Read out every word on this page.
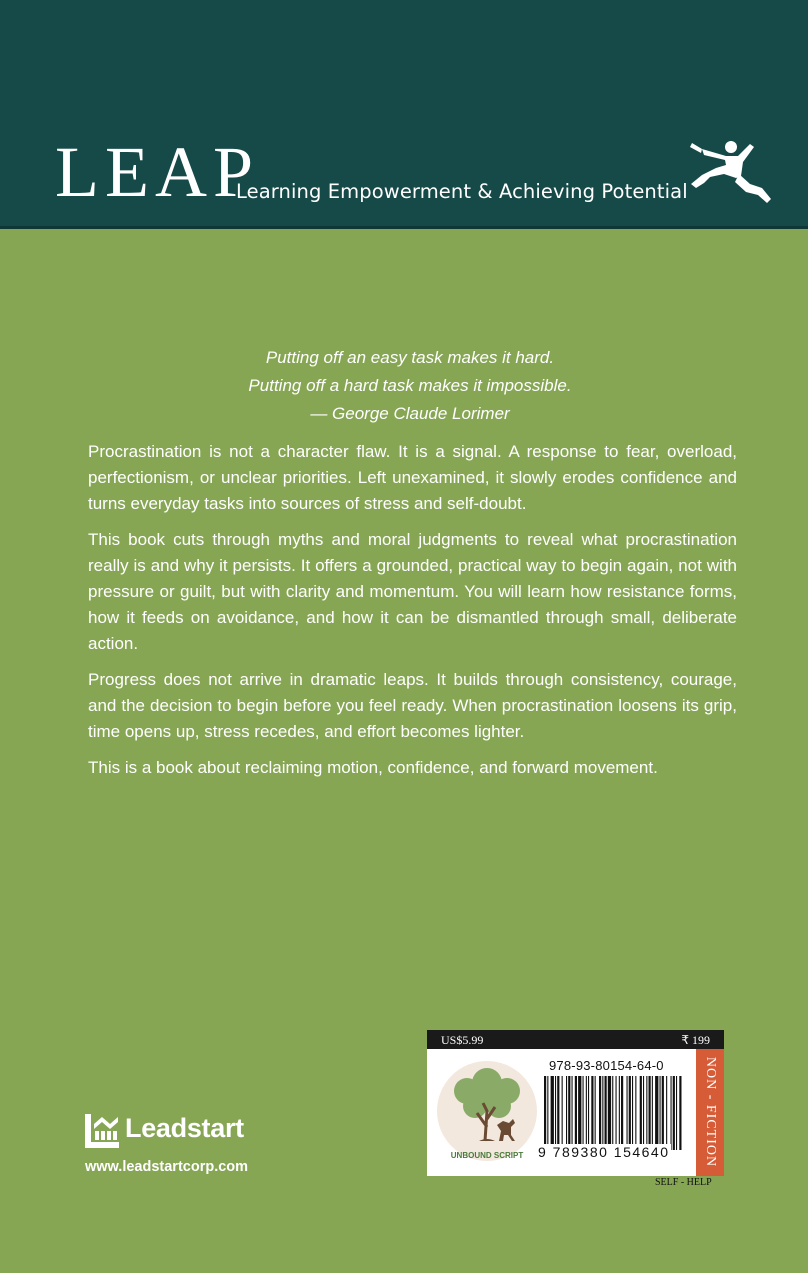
LEAP
Learning Empowerment & Achieving Potential
Putting off an easy task makes it hard.
Putting off a hard task makes it impossible.
— George Claude Lorimer

Procrastination is not a character flaw. It is a signal. A response to fear, overload, perfectionism, or unclear priorities. Left unexamined, it slowly erodes confidence and turns everyday tasks into sources of stress and self-doubt.

This book cuts through myths and moral judgments to reveal what procrastination really is and why it persists. It offers a grounded, practical way to begin again, not with pressure or guilt, but with clarity and momentum. You will learn how resistance forms, how it feeds on avoidance, and how it can be dismantled through small, deliberate action.

Progress does not arrive in dramatic leaps. It builds through consistency, courage, and the decision to begin before you feel ready. When procrastination loosens its grip, time opens up, stress recedes, and effort becomes lighter.

This is a book about reclaiming motion, confidence, and forward movement.

Leadstart
www.leadstartcorp.com
US$5.99	₹ 199
UNBOUND SCRIPT
978-93-80154-64-0
9 789380 154640 NON - FICTION
SELF - HELP
